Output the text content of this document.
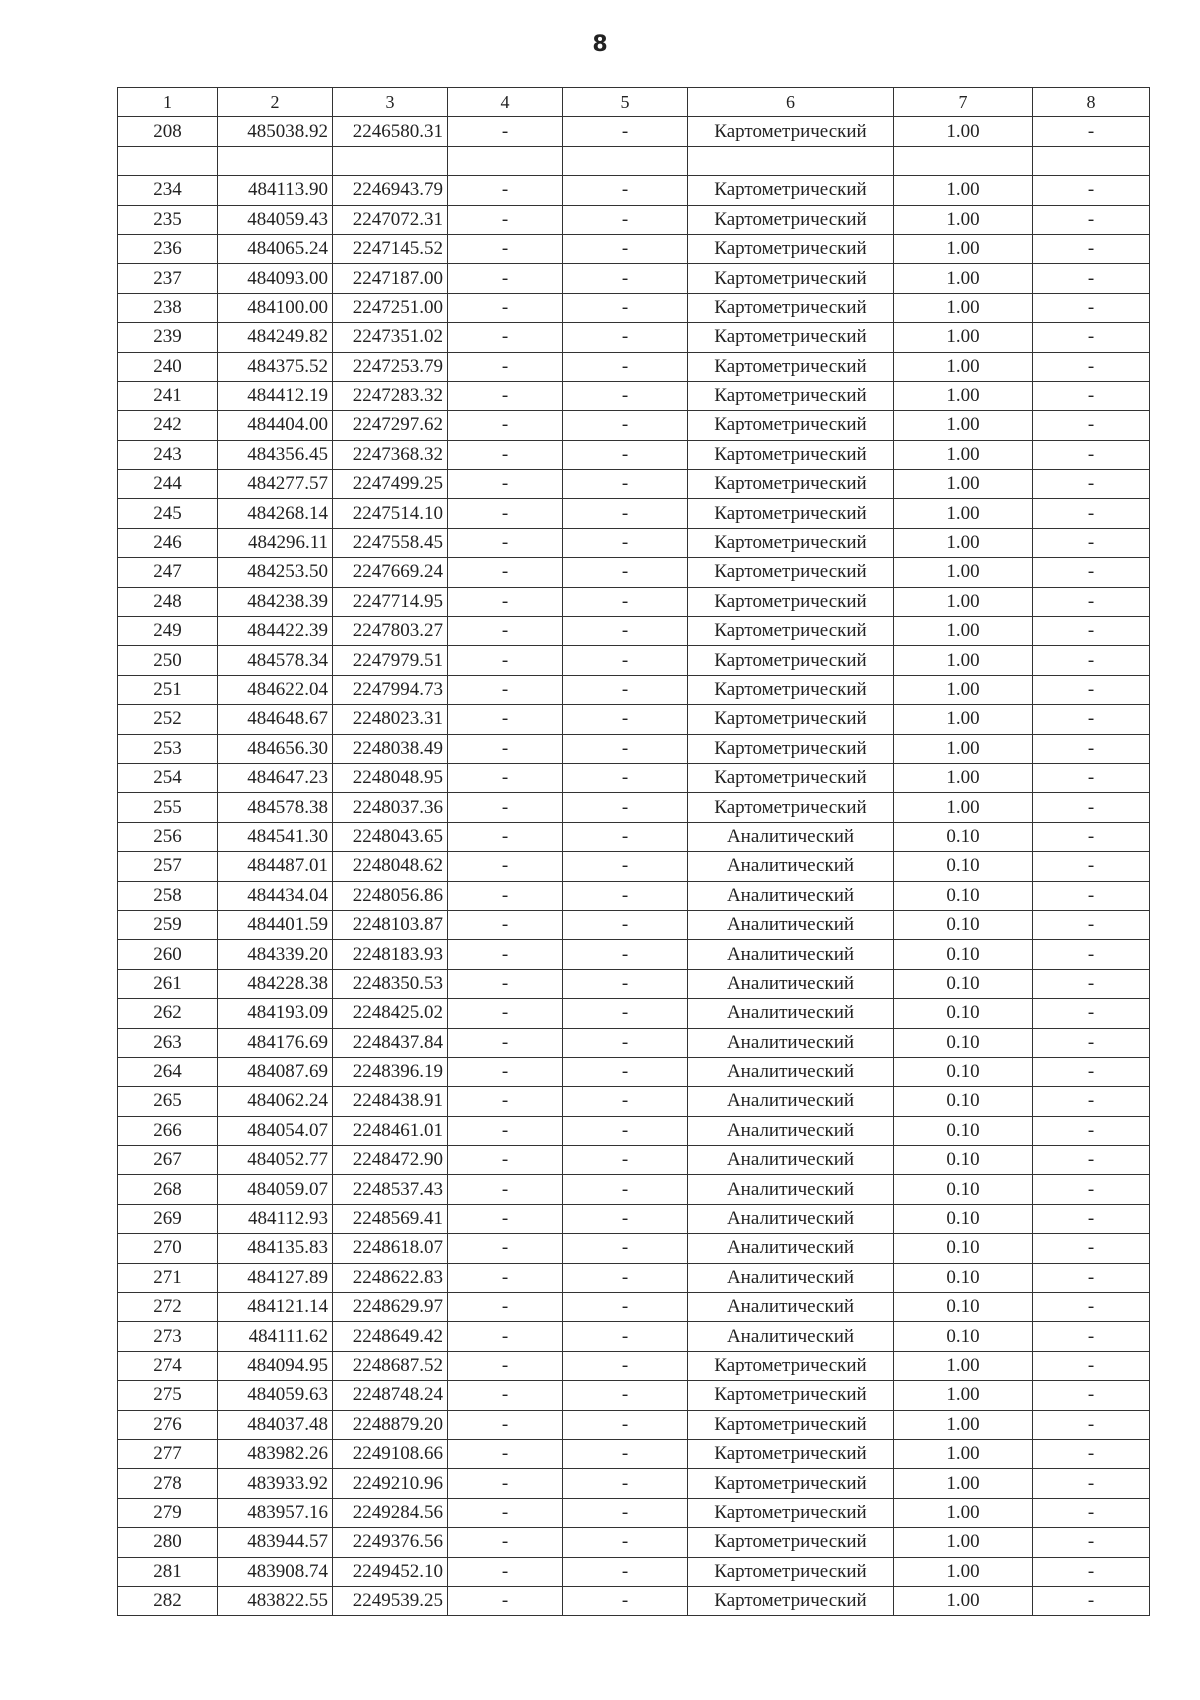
8
1	2	3	4	5	6	7	8
208	485038.92	2246580.31	-	-	Картометрический	1.00	-

234	484113.90	2246943.79	-	-	Картометрический	1.00	-
235	484059.43	2247072.31	-	-	Картометрический	1.00	-
236	484065.24	2247145.52	-	-	Картометрический	1.00	-
237	484093.00	2247187.00	-	-	Картометрический	1.00	-
238	484100.00	2247251.00	-	-	Картометрический	1.00	-
239	484249.82	2247351.02	-	-	Картометрический	1.00	-
240	484375.52	2247253.79	-	-	Картометрический	1.00	-
241	484412.19	2247283.32	-	-	Картометрический	1.00	-
242	484404.00	2247297.62	-	-	Картометрический	1.00	-
243	484356.45	2247368.32	-	-	Картометрический	1.00	-
244	484277.57	2247499.25	-	-	Картометрический	1.00	-
245	484268.14	2247514.10	-	-	Картометрический	1.00	-
246	484296.11	2247558.45	-	-	Картометрический	1.00	-
247	484253.50	2247669.24	-	-	Картометрический	1.00	-
248	484238.39	2247714.95	-	-	Картометрический	1.00	-
249	484422.39	2247803.27	-	-	Картометрический	1.00	-
250	484578.34	2247979.51	-	-	Картометрический	1.00	-
251	484622.04	2247994.73	-	-	Картометрический	1.00	-
252	484648.67	2248023.31	-	-	Картометрический	1.00	-
253	484656.30	2248038.49	-	-	Картометрический	1.00	-
254	484647.23	2248048.95	-	-	Картометрический	1.00	-
255	484578.38	2248037.36	-	-	Картометрический	1.00	-
256	484541.30	2248043.65	-	-	Аналитический	0.10	-
257	484487.01	2248048.62	-	-	Аналитический	0.10	-
258	484434.04	2248056.86	-	-	Аналитический	0.10	-
259	484401.59	2248103.87	-	-	Аналитический	0.10	-
260	484339.20	2248183.93	-	-	Аналитический	0.10	-
261	484228.38	2248350.53	-	-	Аналитический	0.10	-
262	484193.09	2248425.02	-	-	Аналитический	0.10	-
263	484176.69	2248437.84	-	-	Аналитический	0.10	-
264	484087.69	2248396.19	-	-	Аналитический	0.10	-
265	484062.24	2248438.91	-	-	Аналитический	0.10	-
266	484054.07	2248461.01	-	-	Аналитический	0.10	-
267	484052.77	2248472.90	-	-	Аналитический	0.10	-
268	484059.07	2248537.43	-	-	Аналитический	0.10	-
269	484112.93	2248569.41	-	-	Аналитический	0.10	-
270	484135.83	2248618.07	-	-	Аналитический	0.10	-
271	484127.89	2248622.83	-	-	Аналитический	0.10	-
272	484121.14	2248629.97	-	-	Аналитический	0.10	-
273	484111.62	2248649.42	-	-	Аналитический	0.10	-
274	484094.95	2248687.52	-	-	Картометрический	1.00	-
275	484059.63	2248748.24	-	-	Картометрический	1.00	-
276	484037.48	2248879.20	-	-	Картометрический	1.00	-
277	483982.26	2249108.66	-	-	Картометрический	1.00	-
278	483933.92	2249210.96	-	-	Картометрический	1.00	-
279	483957.16	2249284.56	-	-	Картометрический	1.00	-
280	483944.57	2249376.56	-	-	Картометрический	1.00	-
281	483908.74	2249452.10	-	-	Картометрический	1.00	-
282	483822.55	2249539.25	-	-	Картометрический	1.00	-
